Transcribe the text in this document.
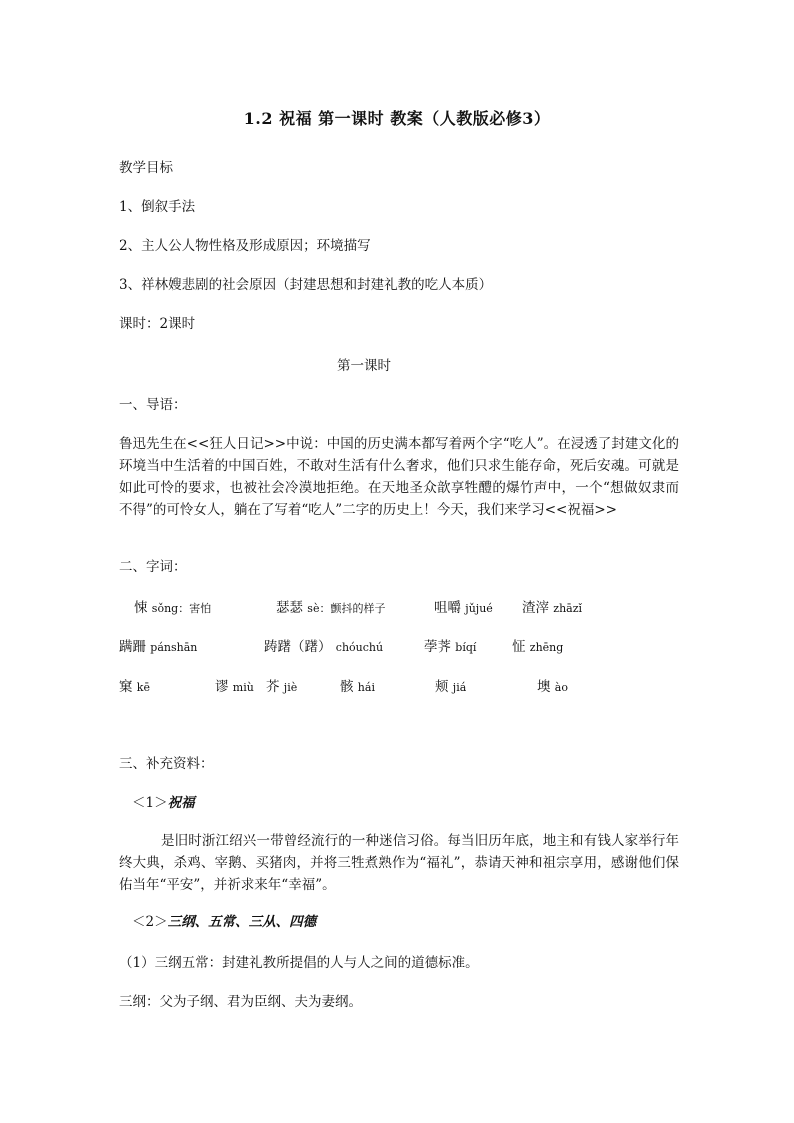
1.2 祝福 第一课时 教案（人教版必修3）
教学目标
1、倒叙手法
2、主人公人物性格及形成原因；环境描写
3、祥林嫂悲剧的社会原因（封建思想和封建礼教的吃人本质）
课时：2课时
第一课时
一、导语：
鲁迅先生在<<狂人日记>>中说：中国的历史满本都写着两个字“吃人”。在浸透了封建文化的环境当中生活着的中国百姓，不敢对生活有什么奢求，他们只求生能存命，死后安魂。可就是如此可怜的要求，也被社会冷漠地拒绝。在天地圣众歆享牲醴的爆竹声中，一个“想做奴隶而不得”的可怜女人，躺在了写着“吃人”二字的历史上！今天，我们来学习<<祝福>>
二、字词：
悚 sǒng：害怕	瑟瑟 sè：颤抖的样子	咀嚼 jǔjué 渣滓 zhāzǐ
蹒跚 pánshān	踌躇（躇） chóuchú	荸荠 bíqí	怔 zhēng
窠 kē	谬 miù 芥 jiè	骸 hái	颊 jiá	墺 ào
三、补充资料：
＜1＞祝福
是旧时浙江绍兴一带曾经流行的一种迷信习俗。每当旧历年底，地主和有钱人家举行年终大典，杀鸡、宰鹅、买猪肉，并将三牲煮熟作为“福礼”，恭请天神和祖宗享用，感谢他们保佑当年“平安”，并祈求来年“幸福”。
＜2＞三纲、五常、三从、四德
（1）三纲五常：封建礼教所提倡的人与人之间的道德标准。
三纲：父为子纲、君为臣纲、夫为妻纲。
